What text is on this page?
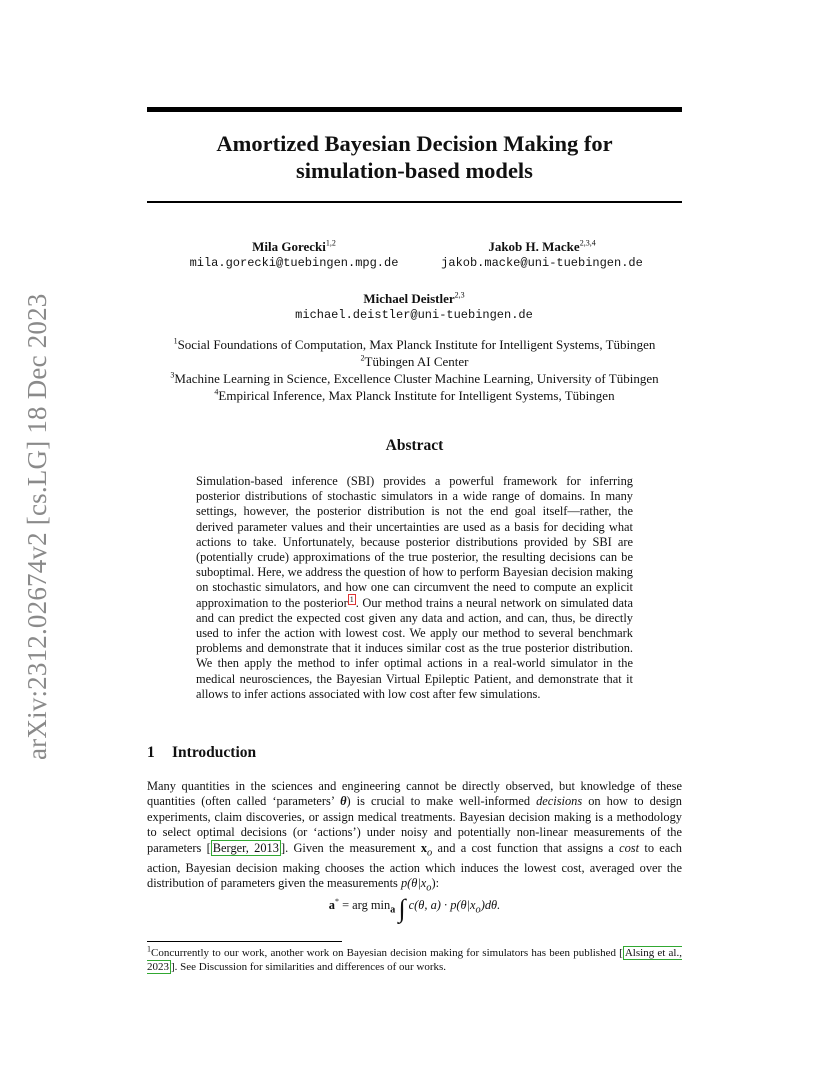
arXiv:2312.02674v2 [cs.LG] 18 Dec 2023
Amortized Bayesian Decision Making for
simulation-based models
Mila Gorecki$^{1,2}$
mila.gorecki@tuebingen.mpg.de
Jakob H. Macke$^{2,3,4}$
jakob.macke@uni-tuebingen.de
Michael Deistler$^{2,3}$
michael.deistler@uni-tuebingen.de
$^1$Social Foundations of Computation, Max Planck Institute for Intelligent Systems, Tübingen
$^2$Tübingen AI Center
$^3$Machine Learning in Science, Excellence Cluster Machine Learning, University of Tübingen
$^4$Empirical Inference, Max Planck Institute for Intelligent Systems, Tübingen
Abstract
Simulation-based inference (SBI) provides a powerful framework for inferring posterior distributions of stochastic simulators in a wide range of domains. In many settings, however, the posterior distribution is not the end goal itself—rather, the derived parameter values and their uncertainties are used as a basis for deciding what actions to take. Unfortunately, because posterior distributions provided by SBI are (potentially crude) approximations of the true posterior, the resulting decisions can be suboptimal. Here, we address the question of how to perform Bayesian decision making on stochastic simulators, and how one can circumvent the need to compute an explicit approximation to the posterior $^1$ . Our method trains a neural network on simulated data and can predict the expected cost given any data and action, and can, thus, be directly used to infer the action with lowest cost. We apply our method to several benchmark problems and demonstrate that it induces similar cost as the true posterior distribution. We then apply the method to infer optimal actions in a real-world simulator in the medical neurosciences, the Bayesian Virtual Epileptic Patient, and demonstrate that it allows to infer actions associated with low cost after few simulations.
1 Introduction
Many quantities in the sciences and engineering cannot be directly observed, but knowledge of these quantities (often called ‘parameters’ θ) is crucial to make well-informed decisions on how to design experiments, claim discoveries, or assign medical treatments. Bayesian decision making is a methodology to select optimal decisions (or ‘actions’) under noisy and potentially non-linear measurements of the parameters [ Berger, 2013 ]. Given the measurement $x_o$ and a cost function that assigns a cost to each action, Bayesian decision making chooses the action which induces the lowest cost, averaged over the distribution of parameters given the measurements $p(\theta|x_o)$:
a* = arg $\min_a$ ∫ c(θ, $a) \cdot p(\theta|x_o)d\theta$.
$^1$Concurrently to our work, another work on Bayesian decision making for simulators has been published [ Alsing et al., 2023 ]. See Discussion for similarities and differences of our works.
